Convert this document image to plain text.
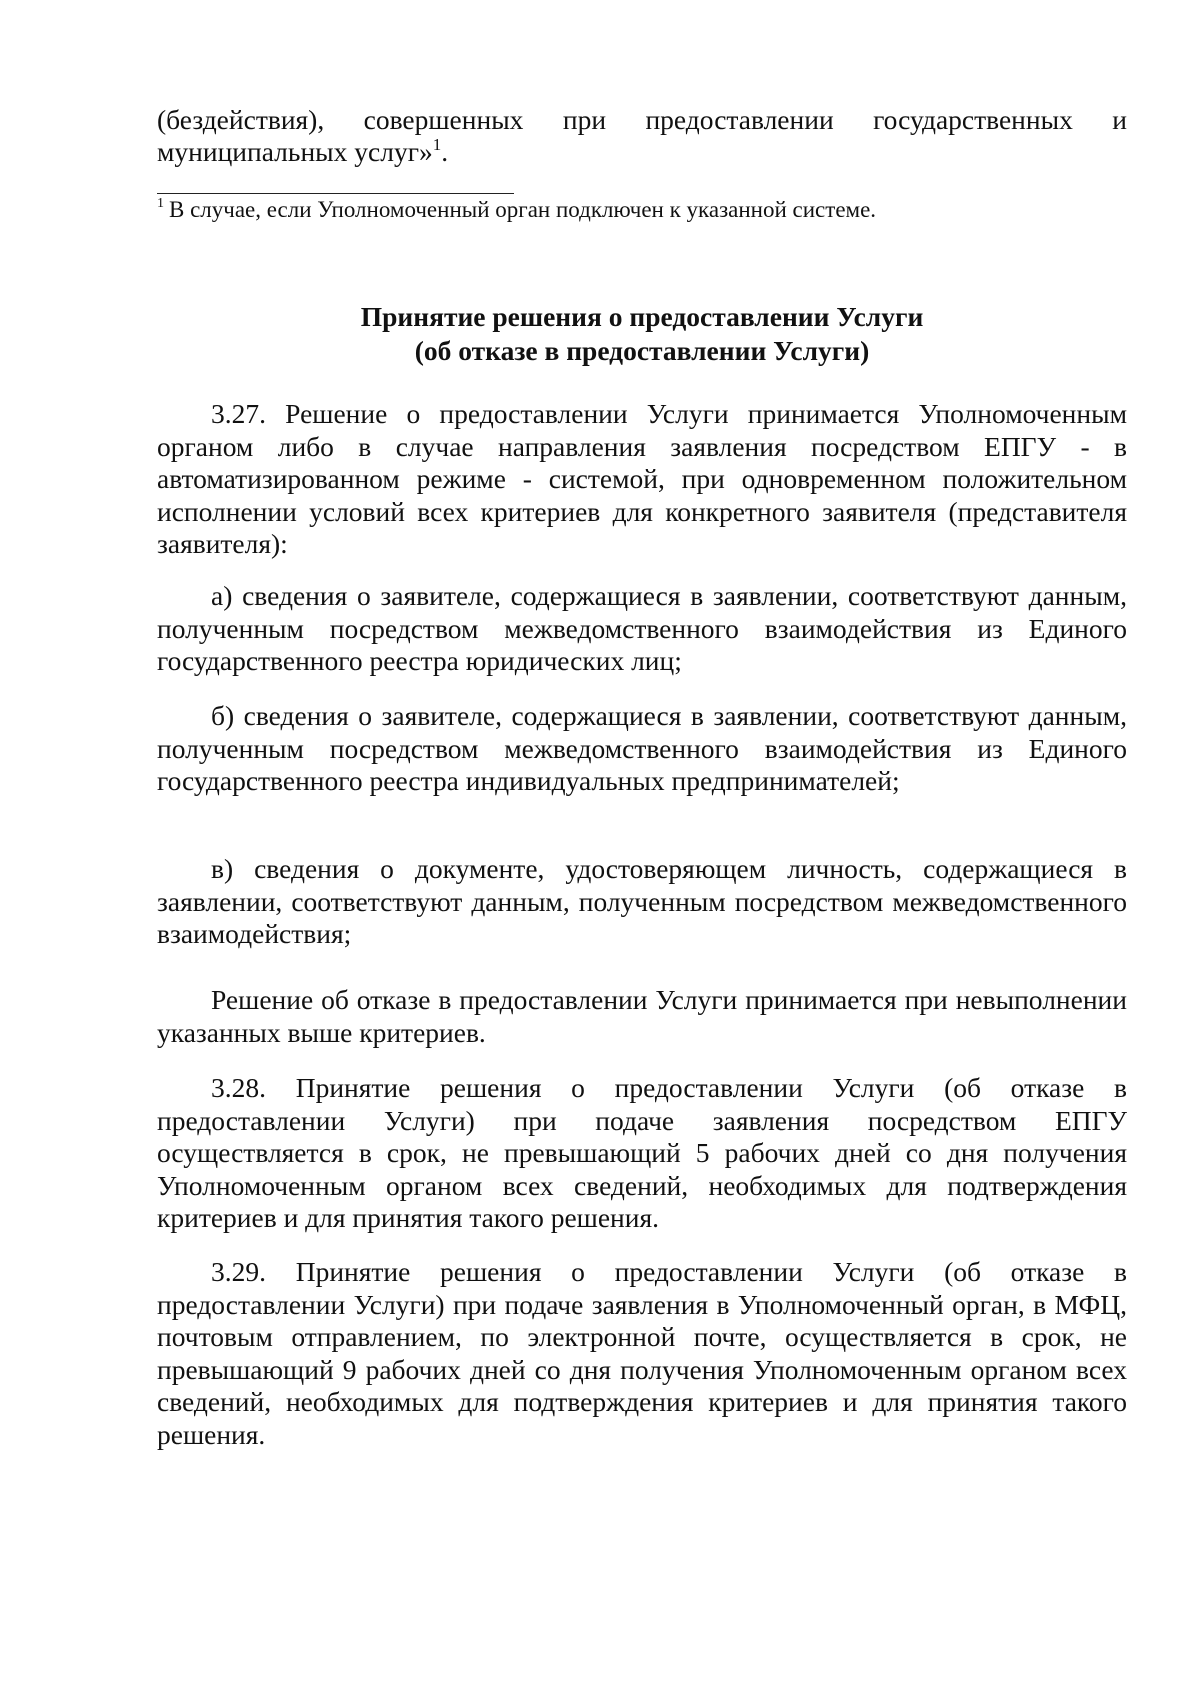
(бездействия), совершенных при предоставлении государственных и
муниципальных услуг»$^1$.
$^1$ В случае, если Уполномоченный орган подключен к указанной системе.
Принятие решения о предоставлении Услуги
(об отказе в предоставлении Услуги)
3.27. Решение о предоставлении Услуги принимается Уполномоченным органом либо в случае направления заявления посредством ЕПГУ - в автоматизированном режиме - системой, при одновременном положительном исполнении условий всех критериев для конкретного заявителя (представителя заявителя):
а) сведения о заявителе, содержащиеся в заявлении, соответствуют данным, полученным посредством межведомственного взаимодействия из Единого государственного реестра юридических лиц;
б) сведения о заявителе, содержащиеся в заявлении, соответствуют данным, полученным посредством межведомственного взаимодействия из Единого государственного реестра индивидуальных предпринимателей;
в) сведения о документе, удостоверяющем личность, содержащиеся в заявлении, соответствуют данным, полученным посредством межведомственного взаимодействия;
Решение об отказе в предоставлении Услуги принимается при невыполнении указанных выше критериев.
3.28. Принятие решения о предоставлении Услуги (об отказе в предоставлении Услуги) при подаче заявления посредством ЕПГУ осуществляется в срок, не превышающий 5 рабочих дней со дня получения Уполномоченным органом всех сведений, необходимых для подтверждения критериев и для принятия такого решения.
3.29. Принятие решения о предоставлении Услуги (об отказе в предоставлении Услуги) при подаче заявления в Уполномоченный орган, в МФЦ, почтовым отправлением, по электронной почте, осуществляется в срок, не превышающий 9 рабочих дней со дня получения Уполномоченным органом всех сведений, необходимых для подтверждения критериев и для принятия такого решения.
